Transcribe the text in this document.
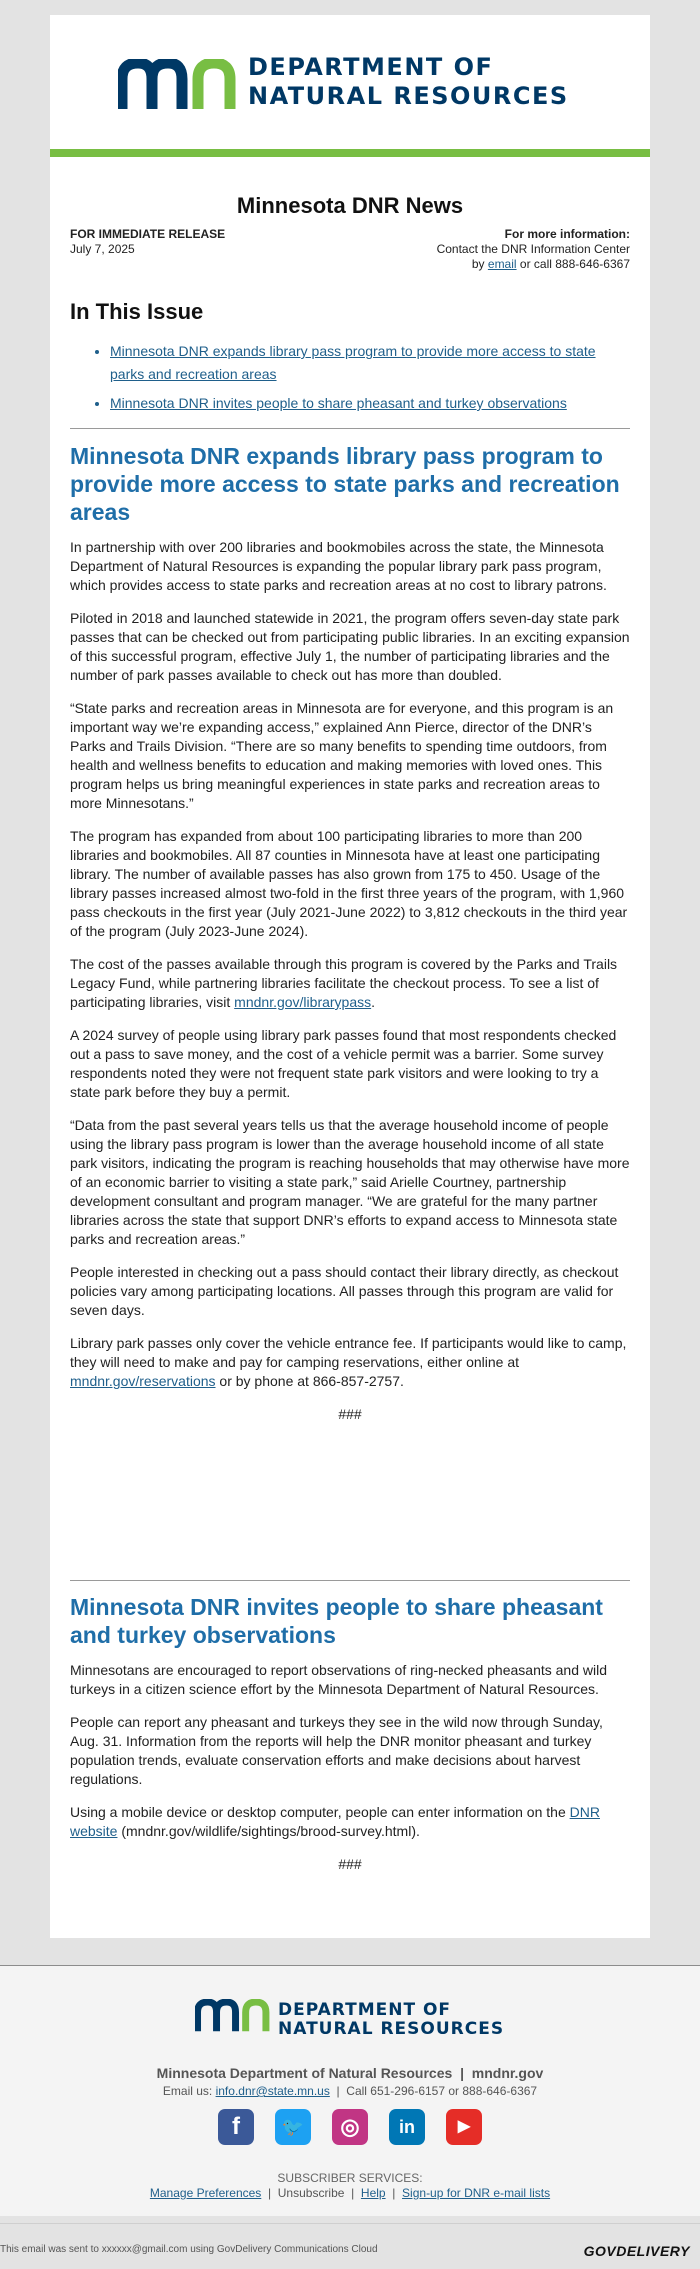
DEPARTMENT OF
NATURAL RESOURCES
Minnesota DNR News
FOR IMMEDIATE RELEASE
July 7, 2025
For more information:
Contact the DNR Information Center
by email or call 888-646-6367
In This Issue
• Minnesota DNR expands library pass program to provide more access to state parks and recreation areas
• Minnesota DNR invites people to share pheasant and turkey observations
Minnesota DNR expands library pass program to provide more access to state parks and recreation areas

In partnership with over 200 libraries and bookmobiles across the state, the Minnesota Department of Natural Resources is expanding the popular library park pass program, which provides access to state parks and recreation areas at no cost to library patrons.

Piloted in 2018 and launched statewide in 2021, the program offers seven-day state park passes that can be checked out from participating public libraries. In an exciting expansion of this successful program, effective July 1, the number of participating libraries and the number of park passes available to check out has more than doubled.

“State parks and recreation areas in Minnesota are for everyone, and this program is an important way we’re expanding access,” explained Ann Pierce, director of the DNR’s Parks and Trails Division. “There are so many benefits to spending time outdoors, from health and wellness benefits to education and making memories with loved ones. This program helps us bring meaningful experiences in state parks and recreation areas to more Minnesotans.”

The program has expanded from about 100 participating libraries to more than 200 libraries and bookmobiles. All 87 counties in Minnesota have at least one participating library. The number of available passes has also grown from 175 to 450. Usage of the library passes increased almost two-fold in the first three years of the program, with 1,960 pass checkouts in the first year (July 2021-June 2022) to 3,812 checkouts in the third year of the program (July 2023-June 2024).

The cost of the passes available through this program is covered by the Parks and Trails Legacy Fund, while partnering libraries facilitate the checkout process. To see a list of participating libraries, visit mndnr.gov/librarypass.

A 2024 survey of people using library park passes found that most respondents checked out a pass to save money, and the cost of a vehicle permit was a barrier. Some survey respondents noted they were not frequent state park visitors and were looking to try a state park before they buy a permit.

“Data from the past several years tells us that the average household income of people using the library pass program is lower than the average household income of all state park visitors, indicating the program is reaching households that may otherwise have more of an economic barrier to visiting a state park,” said Arielle Courtney, partnership development consultant and program manager. “We are grateful for the many partner libraries across the state that support DNR’s efforts to expand access to Minnesota state parks and recreation areas.”

People interested in checking out a pass should contact their library directly, as checkout policies vary among participating locations. All passes through this program are valid for seven days.

Library park passes only cover the vehicle entrance fee. If participants would like to camp, they will need to make and pay for camping reservations, either online at mndnr.gov/reservations or by phone at 866-857-2757.

###

Minnesota DNR invites people to share pheasant and turkey observations

Minnesotans are encouraged to report observations of ring-necked pheasants and wild turkeys in a citizen science effort by the Minnesota Department of Natural Resources.

People can report any pheasant and turkeys they see in the wild now through Sunday, Aug. 31. Information from the reports will help the DNR monitor pheasant and turkey population trends, evaluate conservation efforts and make decisions about harvest regulations.

Using a mobile device or desktop computer, people can enter information on the DNR website (mndnr.gov/wildlife/sightings/brood-survey.html).

###

DEPARTMENT OF
NATURAL RESOURCES
Minnesota Department of Natural Resources  |  mndnr.gov
Email us: info.dnr@state.mn.us  |  Call 651-296-6157 or 888-646-6367
f	🐦	◎	in	▶
SUBSCRIBER SERVICES:
Manage Preferences  |  Unsubscribe  |  Help  |  Sign-up for DNR e-mail lists
This email was sent to xxxxxx@gmail.com using GovDelivery Communications Cloud	GOVDELIVERY
